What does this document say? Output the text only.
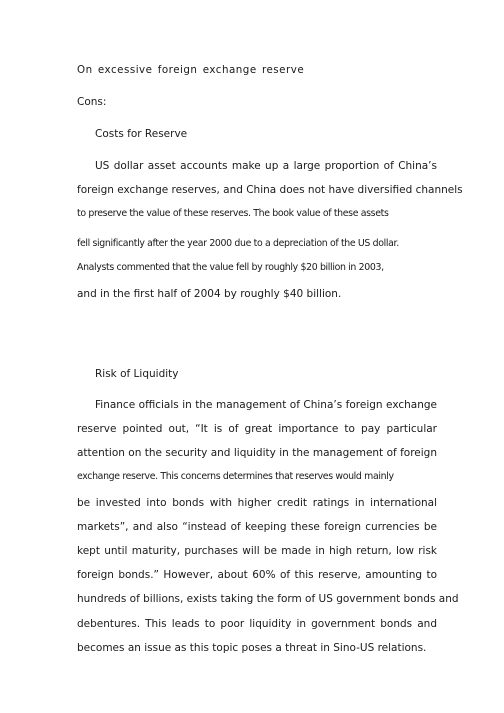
On excessive foreign exchange reserve
Cons:
Costs for Reserve
US dollar asset accounts make up a large proportion of China’s
foreign exchange reserves, and China does not have diversified channels
to preserve the value of these reserves. The book value of these assets
fell significantly after the year 2000 due to a depreciation of the US dollar.
Analysts commented that the value fell by roughly $20 billion in 2003,
and in the first half of 2004 by roughly $40 billion.
Risk of Liquidity
Finance officials in the management of China’s foreign exchange
reserve pointed out, “It is of great importance to pay particular
attention on the security and liquidity in the management of foreign
exchange reserve. This concerns determines that reserves would mainly
be invested into bonds with higher credit ratings in international
markets”, and also “instead of keeping these foreign currencies be
kept until maturity, purchases will be made in high return, low risk
foreign bonds.” However, about 60% of this reserve, amounting to
hundreds of billions, exists taking the form of US government bonds and
debentures. This leads to poor liquidity in government bonds and
becomes an issue as this topic poses a threat in Sino-US relations.
